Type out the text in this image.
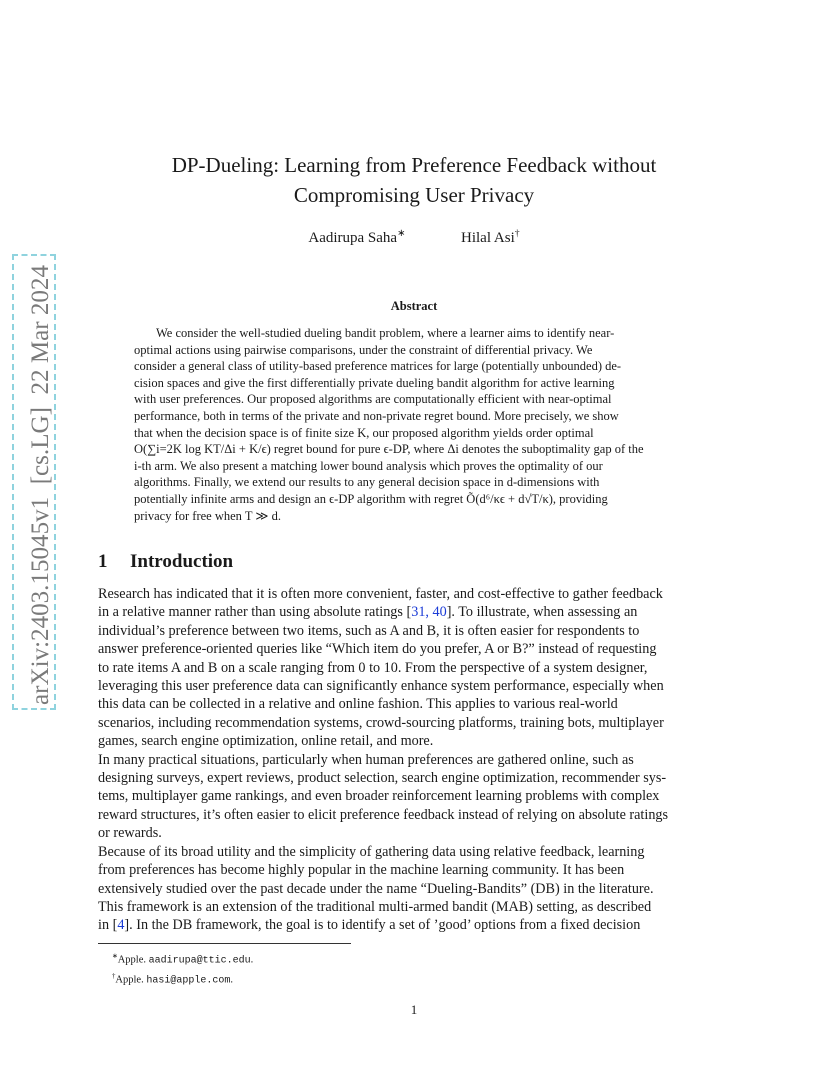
arXiv:2403.15045v1  [cs.LG]  22 Mar 2024
DP-Dueling: Learning from Preference Feedback without
Compromising User Privacy
Aadirupa Saha∗	Hilal Asi†
Abstract
We consider the well-studied dueling bandit problem, where a learner aims to identify near-
optimal actions using pairwise comparisons, under the constraint of differential privacy. We
consider a general class of utility-based preference matrices for large (potentially unbounded) de-
cision spaces and give the first differentially private dueling bandit algorithm for active learning
with user preferences. Our proposed algorithms are computationally efficient with near-optimal
performance, both in terms of the private and non-private regret bound. More precisely, we show
that when the decision space is of finite size K, our proposed algorithm yields order optimal
O(∑i=2K log KT/Δi + K/ϵ) regret bound for pure ϵ-DP, where Δi denotes the suboptimality gap of the
i-th arm. We also present a matching lower bound analysis which proves the optimality of our
algorithms. Finally, we extend our results to any general decision space in d-dimensions with
potentially infinite arms and design an ϵ-DP algorithm with regret Õ(d⁶/κϵ + d√T/κ), providing
privacy for free when T ≫ d.
1 Introduction
Research has indicated that it is often more convenient, faster, and cost-effective to gather feedback
in a relative manner rather than using absolute ratings [31, 40]. To illustrate, when assessing an
individual’s preference between two items, such as A and B, it is often easier for respondents to
answer preference-oriented queries like “Which item do you prefer, A or B?” instead of requesting
to rate items A and B on a scale ranging from 0 to 10. From the perspective of a system designer,
leveraging this user preference data can significantly enhance system performance, especially when
this data can be collected in a relative and online fashion. This applies to various real-world
scenarios, including recommendation systems, crowd-sourcing platforms, training bots, multiplayer
games, search engine optimization, online retail, and more.
In many practical situations, particularly when human preferences are gathered online, such as
designing surveys, expert reviews, product selection, search engine optimization, recommender sys-
tems, multiplayer game rankings, and even broader reinforcement learning problems with complex
reward structures, it’s often easier to elicit preference feedback instead of relying on absolute ratings
or rewards.
Because of its broad utility and the simplicity of gathering data using relative feedback, learning
from preferences has become highly popular in the machine learning community. It has been
extensively studied over the past decade under the name “Dueling-Bandits” (DB) in the literature.
This framework is an extension of the traditional multi-armed bandit (MAB) setting, as described
in [4]. In the DB framework, the goal is to identify a set of ’good’ options from a fixed decision
∗Apple. aadirupa@ttic.edu.
†Apple. hasi@apple.com.
1
